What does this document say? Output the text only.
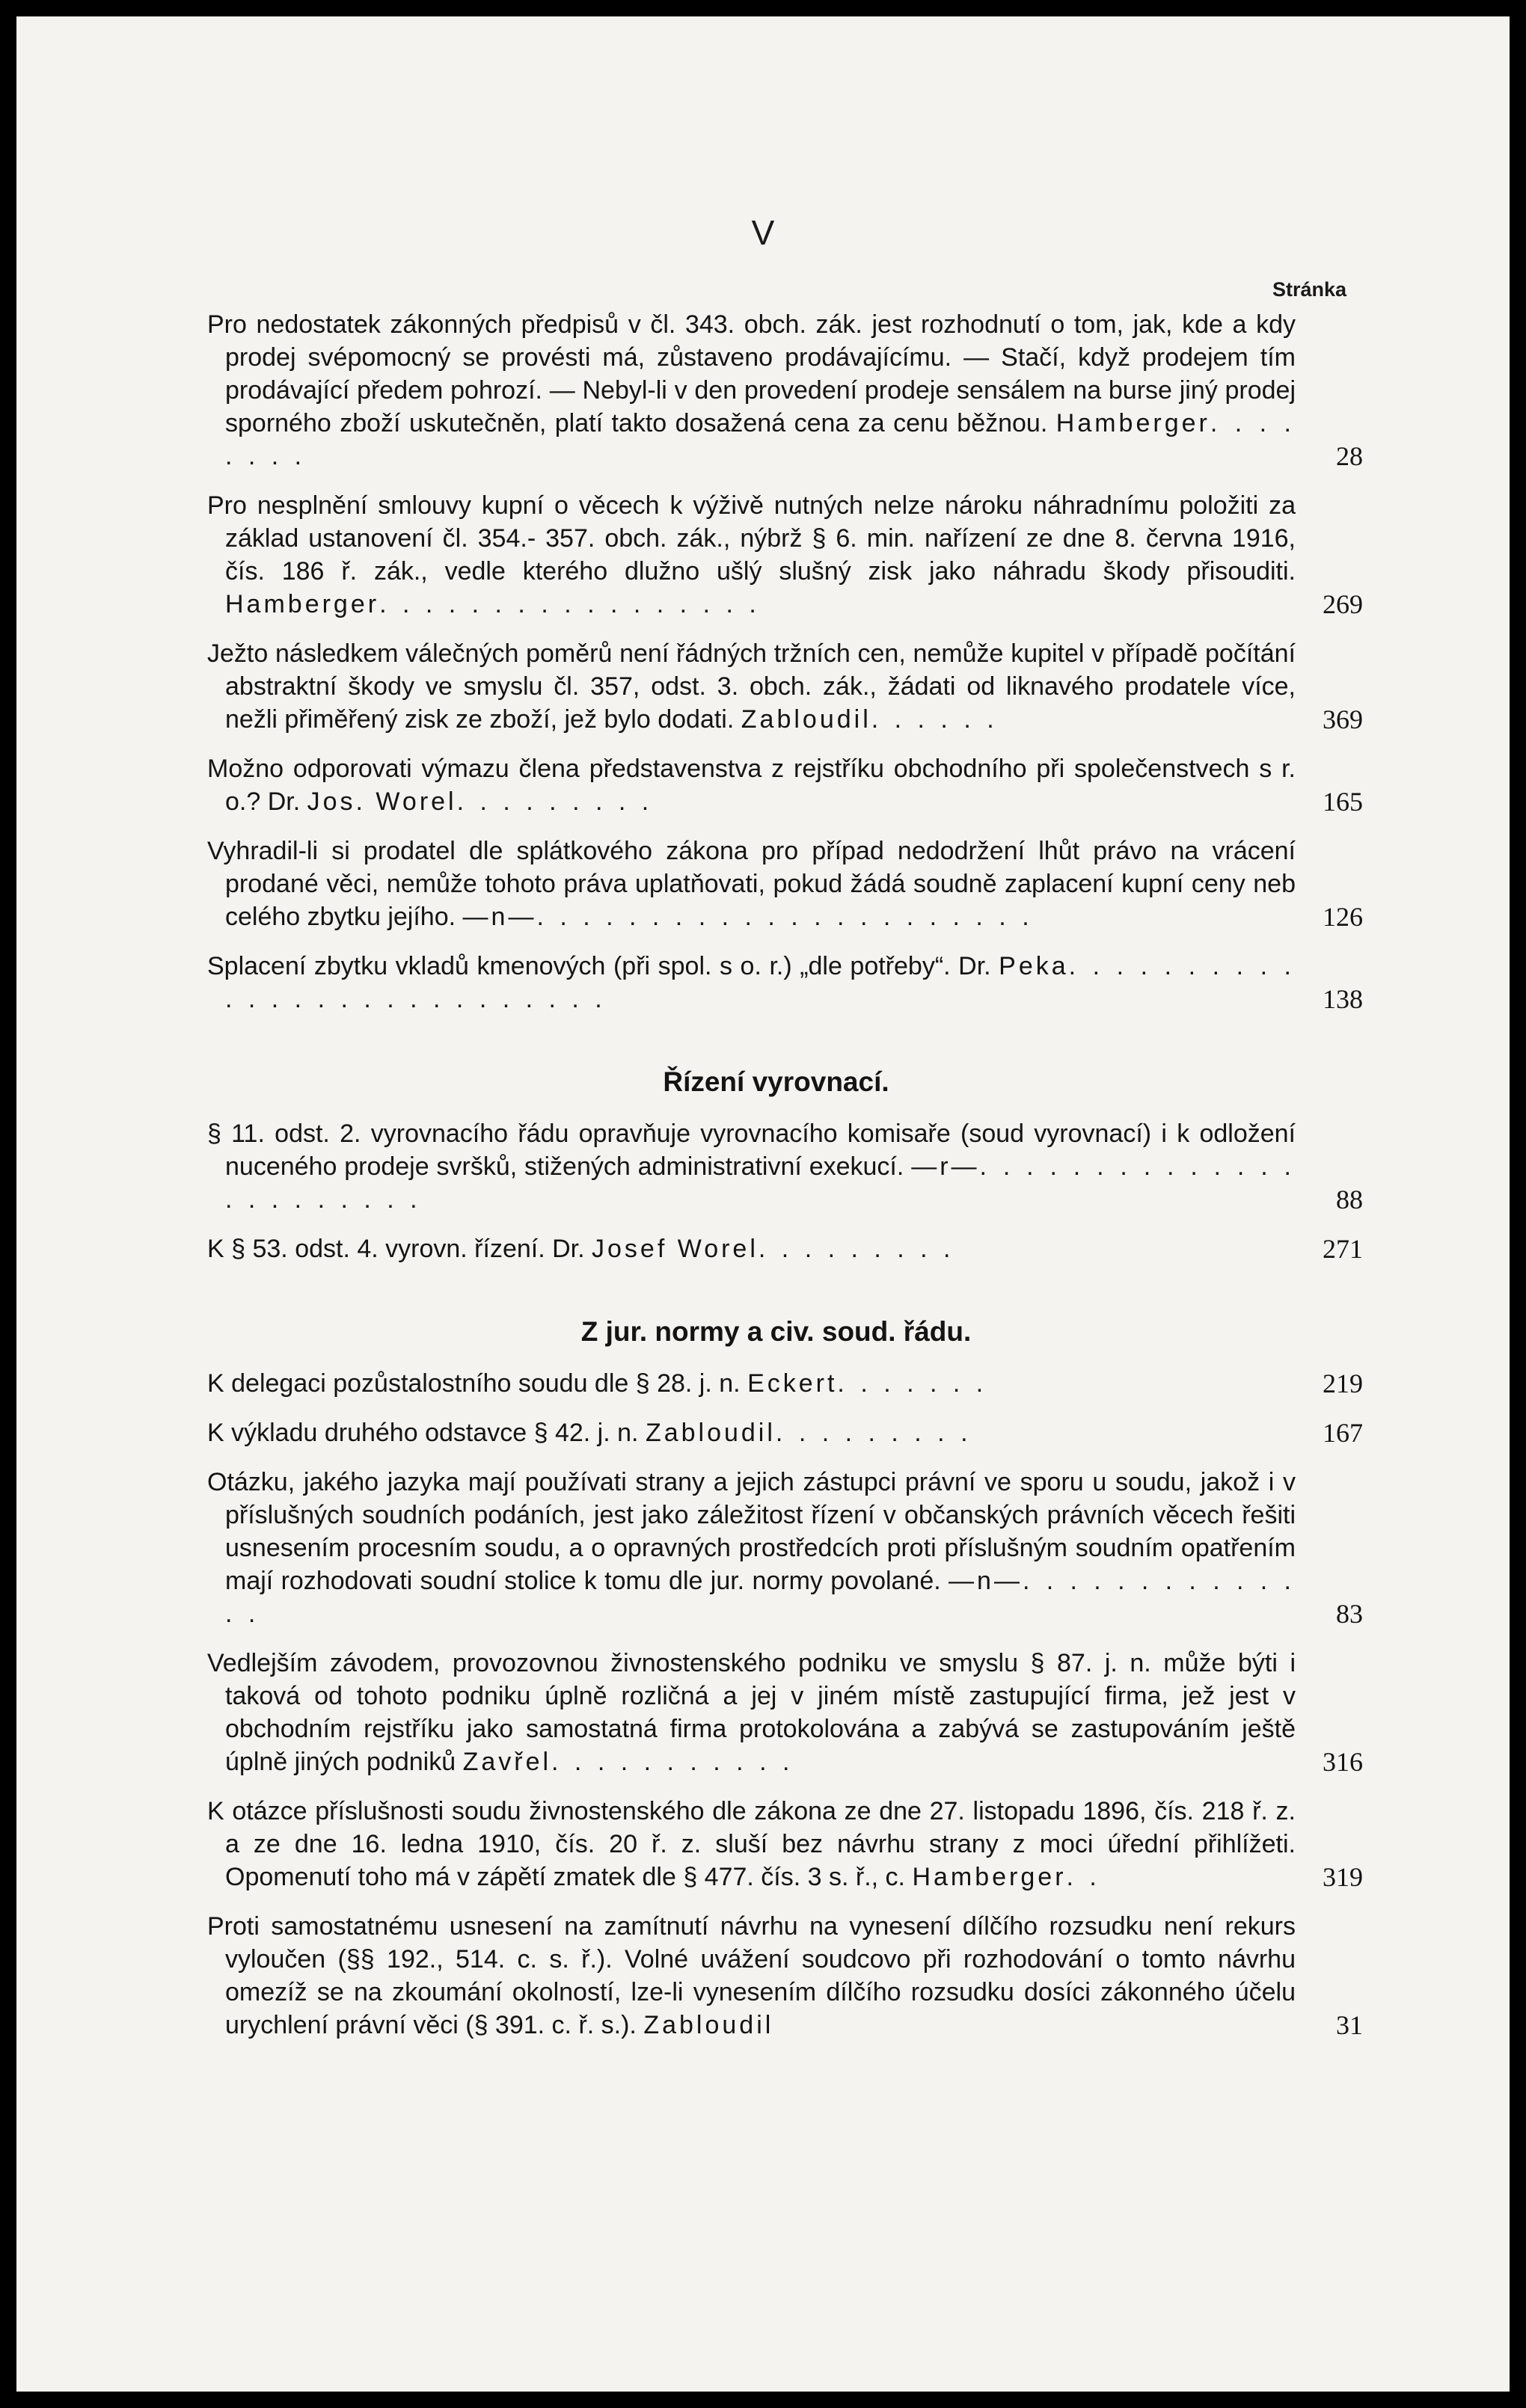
V
Stránka
Pro nedostatek zákonných předpisů v čl. 343. obch. zák. jest rozhodnutí o tom, jak, kde a kdy prodej svépomocný se provésti má, zůstaveno prodávajícímu. — Stačí, když prodejem tím prodávající předem pohrozí. — Nebyl-li v den provedení prodeje sensálem na burse jiný prodej sporného zboží uskutečněn, platí takto dosažená cena za cenu běžnou. Hamberger. . . . . . . .	28
Pro nesplnění smlouvy kupní o věcech k výživě nutných nelze nároku náhradnímu položiti za základ ustanovení čl. 354.- 357. obch. zák., nýbrž § 6. min. nařízení ze dne 8. června 1916, čís. 186 ř. zák., vedle kterého dlužno ušlý slušný zisk jako náhradu škody přisouditi. Hamberger. . . . . . . . . . . . . . . . .	269
Ježto následkem válečných poměrů není řádných tržních cen, nemůže kupitel v případě počítání abstraktní škody ve smyslu čl. 357, odst. 3. obch. zák., žádati od liknavého prodatele více, nežli přiměřený zisk ze zboží, jež bylo dodati. Zabloudil. . . . . .	369
Možno odporovati výmazu člena představenstva z rejstříku obchodního při společenstvech s r. o.? Dr. Jos. Worel. . . . . . . . .	165
Vyhradil-li si prodatel dle splátkového zákona pro případ nedodržení lhůt právo na vrácení prodané věci, nemůže tohoto práva uplatňovati, pokud žádá soudně zaplacení kupní ceny neb celého zbytku jejího. —n—. . . . . . . . . . . . . . . . . . . . . .	126
Splacení zbytku vkladů kmenových (při spol. s o. r.) „dle potřeby“. Dr. Peka. . . . . . . . . . . . . . . . . . . . . . . . . . .	138
Řízení vyrovnací.
§ 11. odst. 2. vyrovnacího řádu opravňuje vyrovnacího komisaře (soud vyrovnací) i k odložení nuceného prodeje svršků, stižených administrativní exekucí. —r—. . . . . . . . . . . . . . . . . . . . . . .	88
K § 53. odst. 4. vyrovn. řízení. Dr. Josef Worel. . . . . . . . .	271
Z jur. normy a civ. soud. řádu.
K delegaci pozůstalostního soudu dle § 28. j. n. Eckert. . . . . . .	219
K výkladu druhého odstavce § 42. j. n. Zabloudil. . . . . . . . .	167
Otázku, jakého jazyka mají používati strany a jejich zástupci právní ve sporu u soudu, jakož i v příslušných soudních podáních, jest jako záležitost řízení v občanských právních věcech řešiti usnesením procesním soudu, a o opravných prostředcích proti příslušným soudním opatřením mají rozhodovati soudní stolice k tomu dle jur. normy povolané. —n—. . . . . . . . . . . . . .	83
Vedlejším závodem, provozovnou živnostenského podniku ve smyslu § 87. j. n. může býti i taková od tohoto podniku úplně rozličná a jej v jiném místě zastupující firma, jež jest v obchodním rejstříku jako samostatná firma protokolována a zabývá se zastupováním ještě úplně jiných podniků Zavřel. . . . . . . . . . .	316
K otázce příslušnosti soudu živnostenského dle zákona ze dne 27. listopadu 1896, čís. 218 ř. z. a ze dne 16. ledna 1910, čís. 20 ř. z. sluší bez návrhu strany z moci úřední přihlížeti. Opomenutí toho má v zápětí zmatek dle § 477. čís. 3 s. ř., c. Hamberger. .	319
Proti samostatnému usnesení na zamítnutí návrhu na vynesení dílčího rozsudku není rekurs vyloučen (§§ 192., 514. c. s. ř.). Volné uvážení soudcovo při rozhodování o tomto návrhu omezíž se na zkoumání okolností, lze-li vynesením dílčího rozsudku dosíci zákonného účelu urychlení právní věci (§ 391. c. ř. s.). Zabloudil	31
